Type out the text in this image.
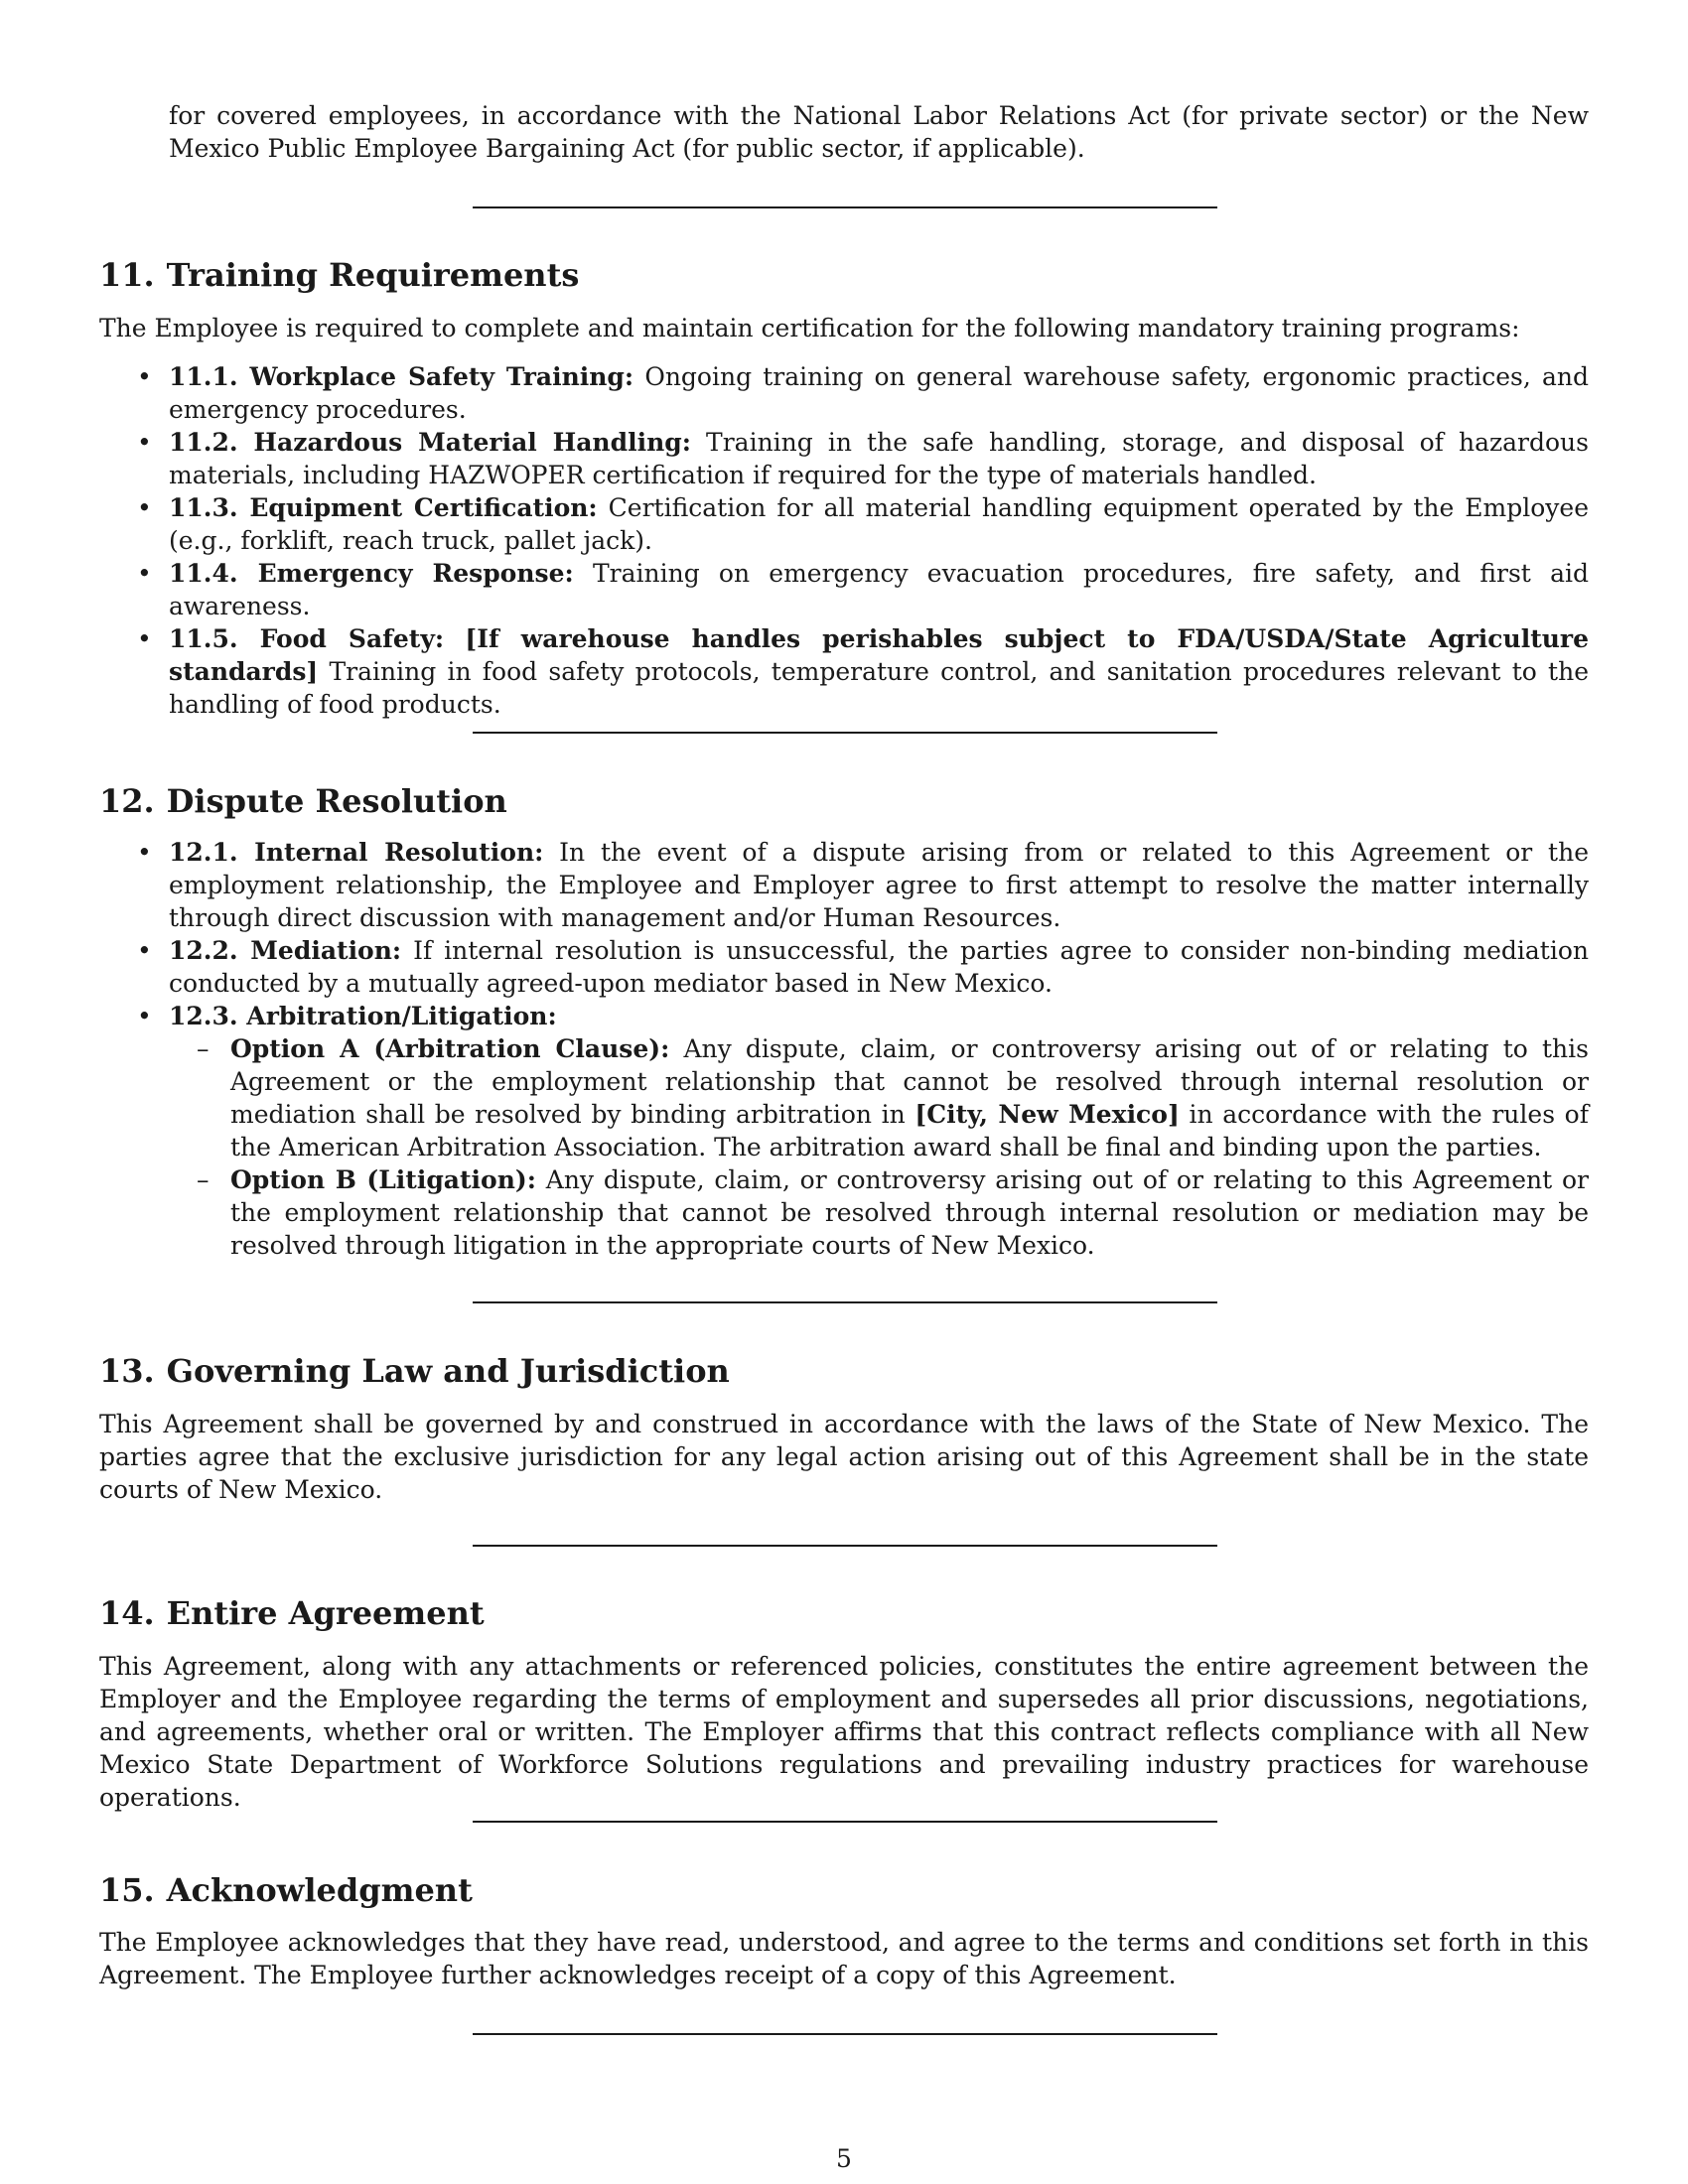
for covered employees, in accordance with the National Labor Relations Act (for private sector) or the New Mexico Public Employee Bargaining Act (for public sector, if applicable).

11. Training Requirements

The Employee is required to complete and maintain certification for the following mandatory training programs:

• 11.1. Workplace Safety Training: Ongoing training on general warehouse safety, ergonomic practices, and emergency procedures.
• 11.2. Hazardous Material Handling: Training in the safe handling, storage, and disposal of hazardous materials, including HAZWOPER certification if required for the type of materials handled.
• 11.3. Equipment Certification: Certification for all material handling equipment operated by the Employee (e.g., forklift, reach truck, pallet jack).
• 11.4. Emergency Response: Training on emergency evacuation procedures, fire safety, and first aid awareness.
• 11.5. Food Safety: [If warehouse handles perishables subject to FDA/USDA/State Agriculture standards] Training in food safety protocols, temperature control, and sanitation procedures relevant to the handling of food products.
12. Dispute Resolution
• 12.1. Internal Resolution: In the event of a dispute arising from or related to this Agreement or the employment relationship, the Employee and Employer agree to first attempt to resolve the matter internally through direct discussion with management and/or Human Resources.
• 12.2. Mediation: If internal resolution is unsuccessful, the parties agree to consider non-binding mediation conducted by a mutually agreed-upon mediator based in New Mexico.
• 12.3. Arbitration/Litigation:
– Option A (Arbitration Clause): Any dispute, claim, or controversy arising out of or relating to this Agreement or the employment relationship that cannot be resolved through internal resolution or mediation shall be resolved by binding arbitration in [City, New Mexico] in accordance with the rules of the American Arbitration Association. The arbitration award shall be final and binding upon the parties.
– Option B (Litigation): Any dispute, claim, or controversy arising out of or relating to this Agreement or the employment relationship that cannot be resolved through internal resolution or mediation may be resolved through litigation in the appropriate courts of New Mexico.
13. Governing Law and Jurisdiction

This Agreement shall be governed by and construed in accordance with the laws of the State of New Mexico. The parties agree that the exclusive jurisdiction for any legal action arising out of this Agreement shall be in the state courts of New Mexico.

14. Entire Agreement

This Agreement, along with any attachments or referenced policies, constitutes the entire agreement between the Employer and the Employee regarding the terms of employment and supersedes all prior discussions, negotiations, and agreements, whether oral or written. The Employer affirms that this contract reflects compliance with all New Mexico State Department of Workforce Solutions regulations and prevailing industry practices for warehouse operations.

15. Acknowledgment

The Employee acknowledges that they have read, understood, and agree to the terms and conditions set forth in this Agreement. The Employee further acknowledges receipt of a copy of this Agreement.

5
